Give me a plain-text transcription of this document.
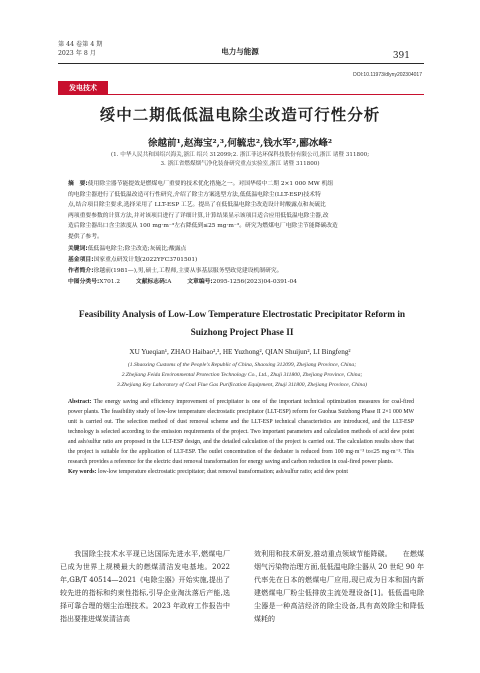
第 44 卷第 4 期
2023 年 8 月	电力与能源	391
DOI:10.11973/dlyny202304017
发电技术
绥中二期低低温电除尘改造可行性分析
徐越前¹,赵海宝²,³,何毓忠²,钱水军²,郦冰峰²
(1. 中华人民共和国绍兴海关,浙江 绍兴 312099;2. 浙江菲达环保科技股份有限公司,浙江 诸暨 311800;
3. 浙江省燃煤烟气净化装备研究重点实验室,浙江 诸暨 311800)
摘　要:使用除尘器节能提效是燃煤电厂重要的技术优化措施之一。对国华绥中二期 2×1 000 MW 机组
的电除尘器进行了低低温改造可行性研究,介绍了除尘方案选型方法,低低温电除尘(LLT-ESP)技术特
点,结合项目除尘要求,选择采用了 LLT-ESP 工艺。提出了在低低温电除尘改造设计时酸露点和灰硫比
两项重要参数的计算方法,并对该项目进行了详细计算,计算结果显示该项目适合应用低低温电除尘器,改
造后除尘器出口含尘浓度从 100 mg·m⁻³左右降低到≤25 mg·m⁻³。研究为燃煤电厂电除尘节能降碳改造
提供了参考。
关键词:低低温电除尘;除尘改造;灰硫比;酸露点
基金项目:国家重点研发计划(2022YFC3701501)
作者简介:徐越前(1981—),男,硕士,工程师,主要从事基层服务型政党建设机制研究。
中图分类号:X701.2	文献标志码:A	文章编号:2095-1256(2023)04-0391-04
Feasibility Analysis of Low-Low Temperature Electrostatic Precipitator Reform in Suizhong Project Phase II
XU Yueqian¹, ZHAO Haibao²,³, HE Yuzhong², QIAN Shuijun², LI Bingfeng²
(1.Shaoxing Customs of the People's Republic of China, Shaoxing 312099, Zhejiang Province, China;
2.Zhejiang Feida Environmental Protection Technology Co., Ltd., Zhuji 311800, Zhejiang Province, China;
3.Zhejiang Key Laboratory of Coal Flue Gas Purification Equipment, Zhuji 311800, Zhejiang Province, China)
Abstract: The energy saving and efficiency improvement of precipitator is one of the important technical optimization measures for coal-fired power plants. The feasibility study of low-low temperature electrostatic precipitator (LLT-ESP) reform for Guohua Suizhong Phase II 2×1 000 MW unit is carried out. The selection method of dust removal scheme and the LLT-ESP technical characteristics are introduced, and the LLT-ESP technology is selected according to the emission requirements of the project. Two important parameters and calculation methods of acid dew point and ash/sulfur ratio are proposed in the LLT-ESP design, and the detailed calculation of the project is carried out. The calculation results show that the project is suitable for the application of LLT-ESP. The outlet concentration of the deduster is reduced from 100 mg·m⁻³ to≤25 mg·m⁻³. This research provides a reference for the electric dust removal transformation for energy saving and carbon reduction in coal-fired power plants.
Key words: low-low temperature electrostatic precipitator; dust removal transformation; ash/sulfur ratio; acid dew point
我国除尘技术水平现已达国际先进水平,燃煤电厂已成为世界上规模最大的燃煤清洁发电基地。2022 年,GB/T 40514—2021《电除尘器》开始实施,提出了较先进的指标和约束性指标,引导企业淘汰落后产能,选择可靠合理的烟尘治理技术。2023 年政府工作报告中指出要推进煤炭清洁高
效利用和技术研发,推动重点领域节能降碳。　　在燃煤烟气污染物治理方面,低低温电除尘器从 20 世纪 90 年代率先在日本的燃煤电厂应用,现已成为日本和国内新建燃煤电厂粉尘低排放主流处理设备[1]。低低温电除尘器是一种高洁经济的除尘设备,具有高效除尘和降低煤耗的
